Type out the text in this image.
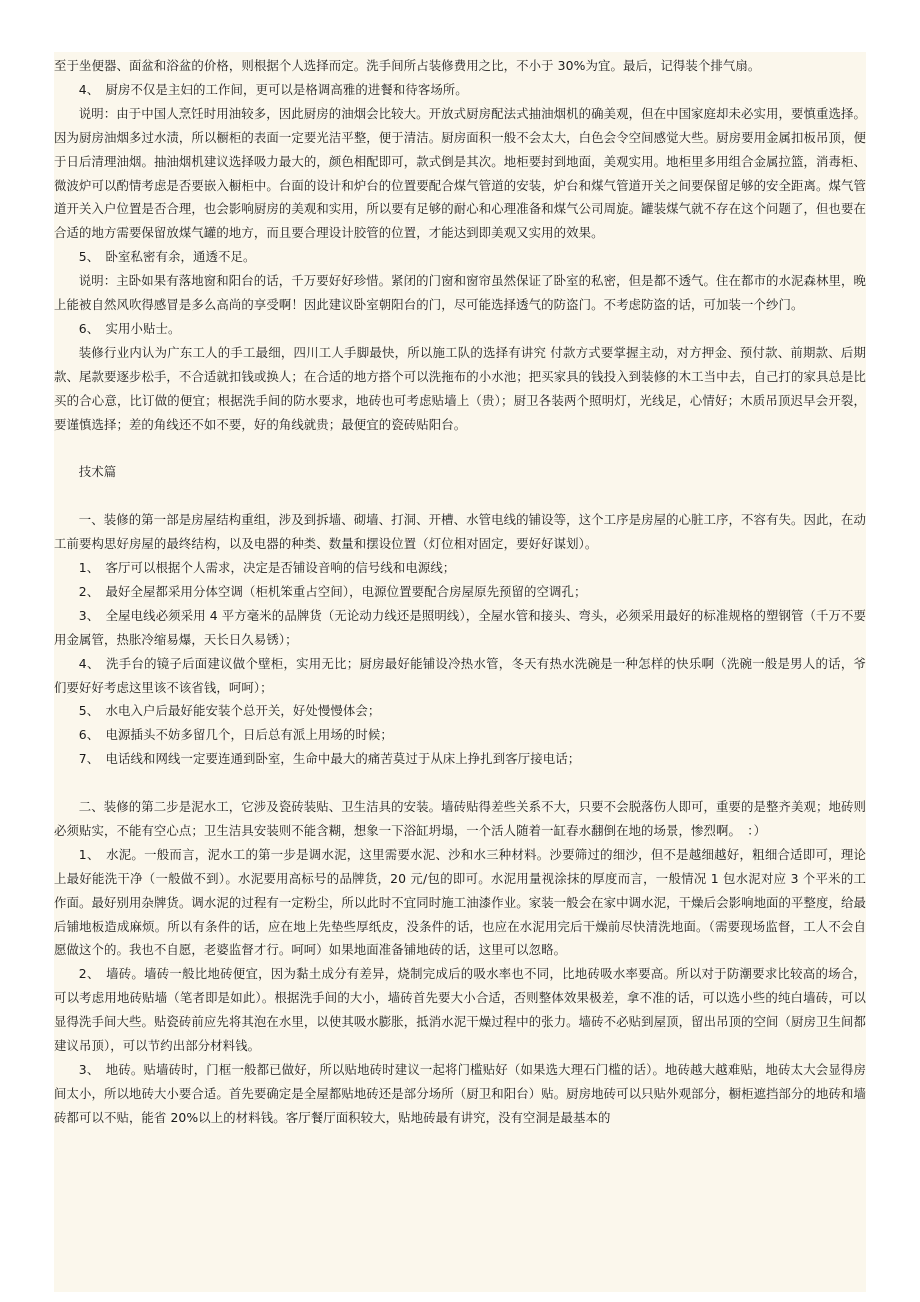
至于坐便器、面盆和浴盆的价格，则根据个人选择而定。洗手间所占装修费用之比，不小于 30%为宜。最后，记得装个排气扇。

4、　厨房不仅是主妇的工作间，更可以是格调高雅的进餐和待客场所。

说明：由于中国人烹饪时用油较多，因此厨房的油烟会比较大。开放式厨房配法式抽油烟机的确美观，但在中国家庭却未必实用，要慎重选择。因为厨房油烟多过水渍，所以橱柜的表面一定要光洁平整，便于清洁。厨房面积一般不会太大，白色会令空间感觉大些。厨房要用金属扣板吊顶，便于日后清理油烟。抽油烟机建议选择吸力最大的，颜色相配即可，款式倒是其次。地柜要封到地面，美观实用。地柜里多用组合金属拉篮，消毒柜、微波炉可以酌情考虑是否要嵌入橱柜中。台面的设计和炉台的位置要配合煤气管道的安装，炉台和煤气管道开关之间要保留足够的安全距离。煤气管道开关入户位置是否合理，也会影响厨房的美观和实用，所以要有足够的耐心和心理准备和煤气公司周旋。罐装煤气就不存在这个问题了，但也要在合适的地方需要保留放煤气罐的地方，而且要合理设计胶管的位置，才能达到即美观又实用的效果。

5、　卧室私密有余，通透不足。

说明：主卧如果有落地窗和阳台的话，千万要好好珍惜。紧闭的门窗和窗帘虽然保证了卧室的私密，但是都不透气。住在都市的水泥森林里，晚上能被自然风吹得感冒是多么高尚的享受啊！因此建议卧室朝阳台的门，尽可能选择透气的防盗门。不考虑防盗的话，可加装一个纱门。

6、　实用小贴士。

装修行业内认为广东工人的手工最细，四川工人手脚最快，所以施工队的选择有讲究 付款方式要掌握主动，对方押金、预付款、前期款、后期款、尾款要逐步松手，不合适就扣钱或换人；在合适的地方搭个可以洗拖布的小水池；把买家具的钱投入到装修的木工当中去，自己打的家具总是比买的合心意，比订做的便宜；根据洗手间的防水要求，地砖也可考虑贴墙上（贵）；厨卫各装两个照明灯，光线足，心情好；木质吊顶迟早会开裂，要谨慎选择；差的角线还不如不要，好的角线就贵；最便宜的瓷砖贴阳台。

技术篇

一、装修的第一部是房屋结构重组，涉及到拆墙、砌墙、打洞、开槽、水管电线的铺设等，这个工序是房屋的心脏工序，不容有失。因此，在动工前要构思好房屋的最终结构，以及电器的种类、数量和摆设位置（灯位相对固定，要好好谋划）。

1、　客厅可以根据个人需求，决定是否铺设音响的信号线和电源线；

2、　最好全屋都采用分体空调（柜机笨重占空间），电源位置要配合房屋原先预留的空调孔；

3、　全屋电线必须采用 4 平方毫米的品牌货（无论动力线还是照明线），全屋水管和接头、弯头，必须采用最好的标准规格的塑钢管（千万不要用金属管，热胀冷缩易爆，天长日久易锈）；

4、　洗手台的镜子后面建议做个壁柜，实用无比；厨房最好能铺设冷热水管，冬天有热水洗碗是一种怎样的快乐啊（洗碗一般是男人的话，爷们要好好考虑这里该不该省钱，呵呵）；

5、　水电入户后最好能安装个总开关，好处慢慢体会；

6、　电源插头不妨多留几个，日后总有派上用场的时候；

7、　电话线和网线一定要连通到卧室，生命中最大的痛苦莫过于从床上挣扎到客厅接电话；

二、装修的第二步是泥水工，它涉及瓷砖装贴、卫生洁具的安装。墙砖贴得差些关系不大，只要不会脱落伤人即可，重要的是整齐美观；地砖则必须贴实，不能有空心点；卫生洁具安装则不能含糊，想象一下浴缸坍塌，一个活人随着一缸春水翻倒在地的场景，惨烈啊。　：）

1、　水泥。一般而言，泥水工的第一步是调水泥，这里需要水泥、沙和水三种材料。沙要筛过的细沙，但不是越细越好，粗细合适即可，理论上最好能洗干净（一般做不到）。水泥要用高标号的品牌货，20 元/包的即可。水泥用量视涂抹的厚度而言，一般情况 1 包水泥对应 3 个平米的工作面。最好别用杂牌货。调水泥的过程有一定粉尘，所以此时不宜同时施工油漆作业。家装一般会在家中调水泥，干燥后会影响地面的平整度，给最后铺地板造成麻烦。所以有条件的话，应在地上先垫些厚纸皮，没条件的话，也应在水泥用完后干燥前尽快清洗地面。（需要现场监督，工人不会自愿做这个的。我也不自愿，老婆监督才行。呵呵）如果地面准备铺地砖的话，这里可以忽略。

2、　墙砖。墙砖一般比地砖便宜，因为黏土成分有差异，烧制完成后的吸水率也不同，比地砖吸水率要高。所以对于防潮要求比较高的场合，可以考虑用地砖贴墙（笔者即是如此）。根据洗手间的大小，墙砖首先要大小合适，否则整体效果极差，拿不准的话，可以选小些的纯白墙砖，可以显得洗手间大些。贴瓷砖前应先将其泡在水里，以使其吸水膨胀，抵消水泥干燥过程中的张力。墙砖不必贴到屋顶，留出吊顶的空间（厨房卫生间都建议吊顶），可以节约出部分材料钱。

3、　地砖。贴墙砖时，门框一般都已做好，所以贴地砖时建议一起将门槛贴好（如果选大理石门槛的话）。地砖越大越难贴，地砖太大会显得房间太小，所以地砖大小要合适。首先要确定是全屋都贴地砖还是部分场所（厨卫和阳台）贴。厨房地砖可以只贴外观部分，橱柜遮挡部分的地砖和墙砖都可以不贴，能省 20%以上的材料钱。客厅餐厅面积较大，贴地砖最有讲究，没有空洞是最基本的
